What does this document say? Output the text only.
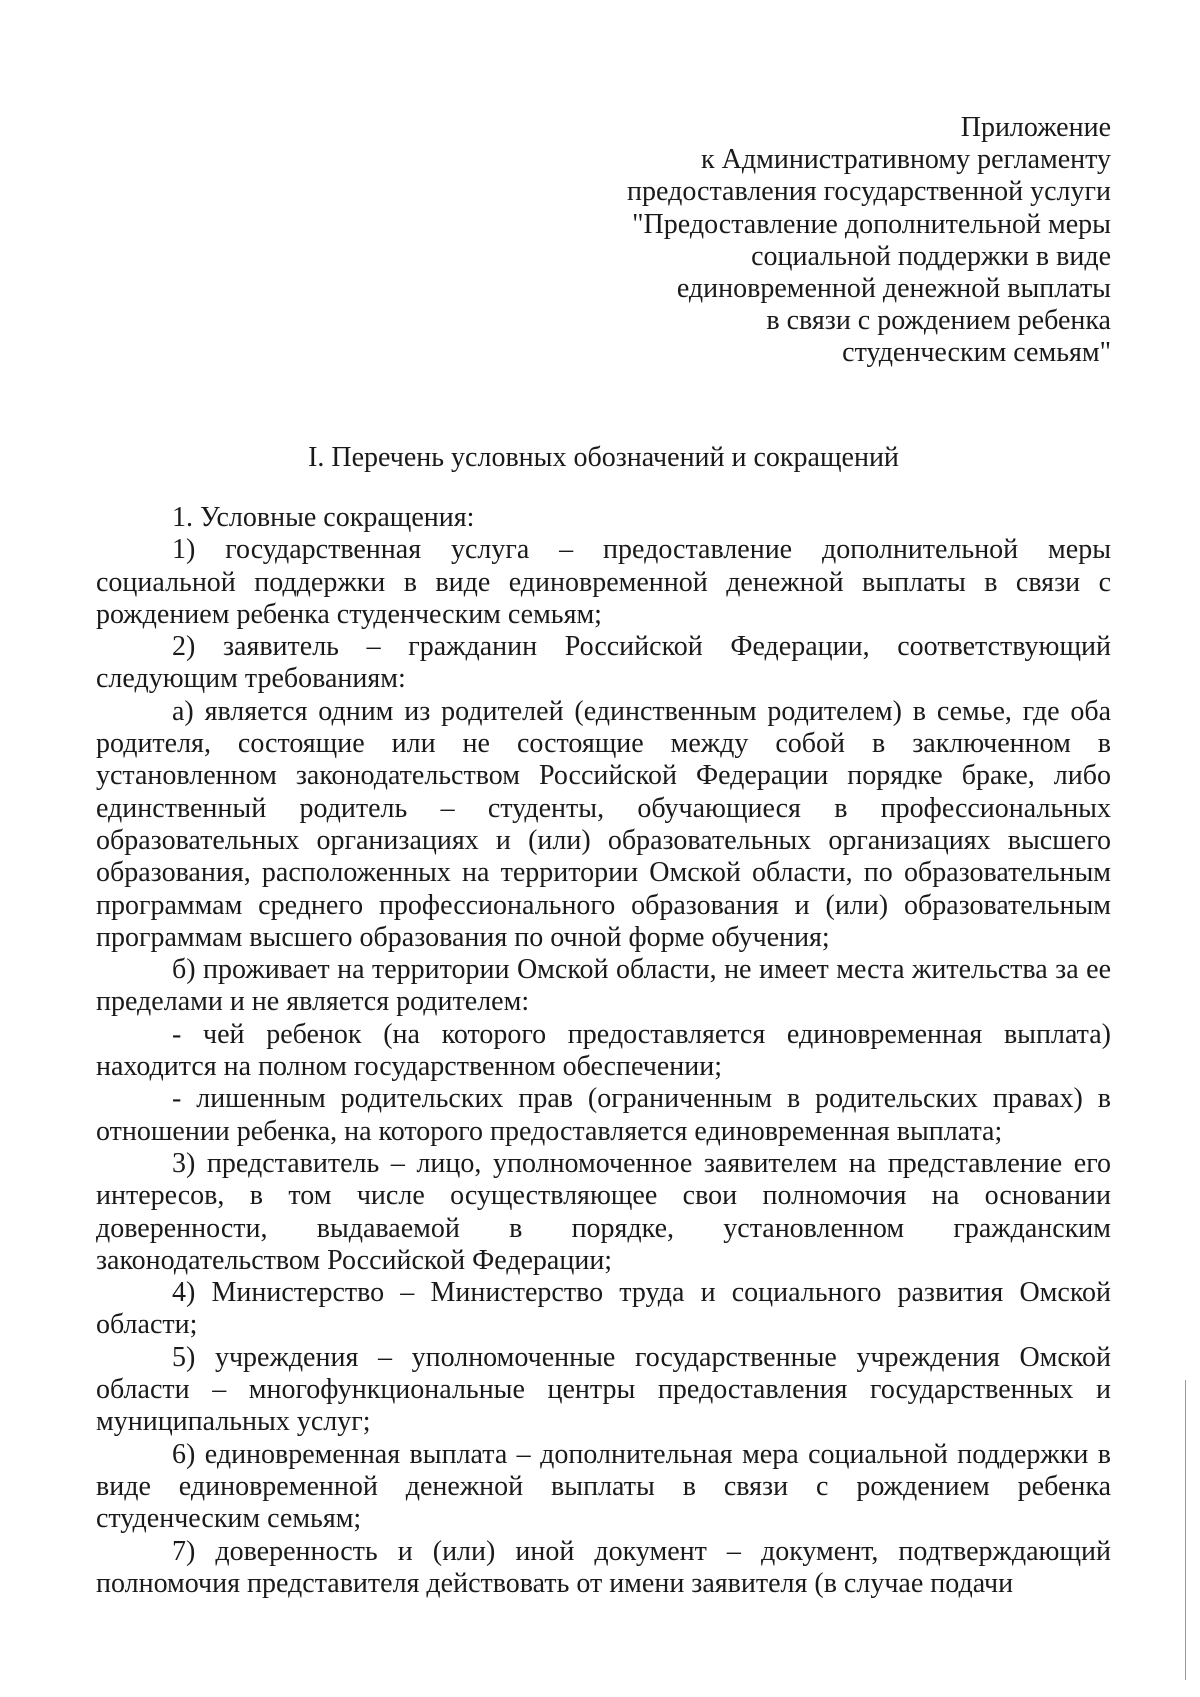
Приложение
к Административному регламенту
предоставления государственной услуги
"Предоставление дополнительной меры
социальной поддержки в виде
единовременной денежной выплаты
в связи с рождением ребенка
студенческим семьям"
I. Перечень условных обозначений и сокращений

1. Условные сокращения:

1) государственная услуга – предоставление дополнительной меры социальной поддержки в виде единовременной денежной выплаты в связи с рождением ребенка студенческим семьям;

2) заявитель – гражданин Российской Федерации, соответствующий следующим требованиям:

а) является одним из родителей (единственным родителем) в семье, где оба родителя, состоящие или не состоящие между собой в заключенном в установленном законодательством Российской Федерации порядке браке, либо единственный родитель – студенты, обучающиеся в профессиональных образовательных организациях и (или) образовательных организациях высшего образования, расположенных на территории Омской области, по образовательным программам среднего профессионального образования и (или) образовательным программам высшего образования по очной форме обучения;

б) проживает на территории Омской области, не имеет места жительства за ее пределами и не является родителем:

- чей ребенок (на которого предоставляется единовременная выплата) находится на полном государственном обеспечении;

- лишенным родительских прав (ограниченным в родительских правах) в отношении ребенка, на которого предоставляется единовременная выплата;

3) представитель – лицо, уполномоченное заявителем на представление его интересов, в том числе осуществляющее свои полномочия на основании доверенности, выдаваемой в порядке, установленном гражданским законодательством Российской Федерации;

4) Министерство – Министерство труда и социального развития Омской области;

5) учреждения – уполномоченные государственные учреждения Омской области – многофункциональные центры предоставления государственных и муниципальных услуг;

6) единовременная выплата – дополнительная мера социальной поддержки в виде единовременной денежной выплаты в связи с рождением ребенка студенческим семьям;

7) доверенность и (или) иной документ – документ, подтверждающий полномочия представителя действовать от имени заявителя (в случае подачи
